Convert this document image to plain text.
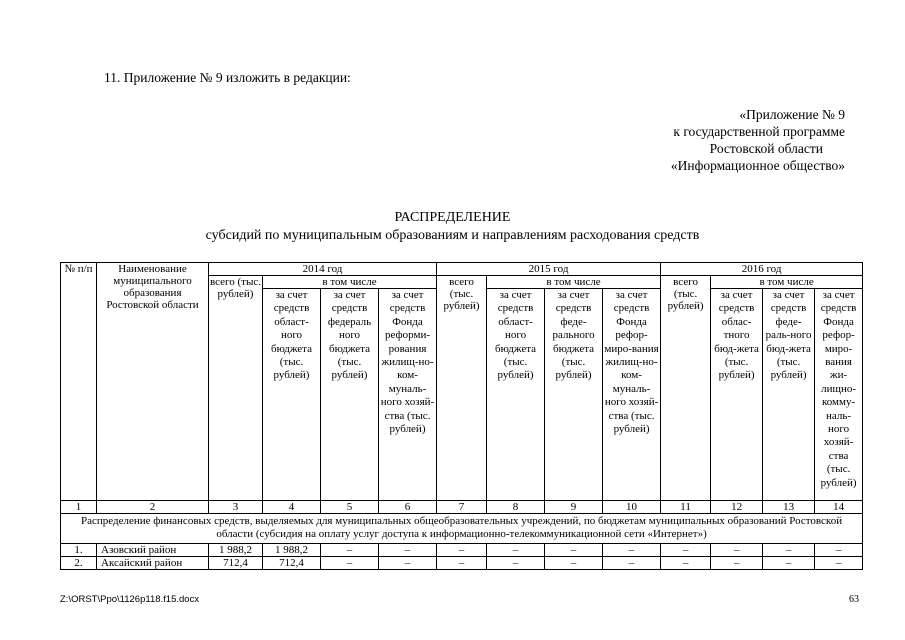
11. Приложение № 9 изложить в редакции:
«Приложение № 9
к государственной программе
Ростовской области
«Информационное общество»
РАСПРЕДЕЛЕНИЕ
субсидий по муниципальным образованиям и направлениям расходования средств
№ п/п	Наименование муниципального образования Ростовской области	2014 год				2015 год				2016 год			
		всего (тыс. рублей)	в том числе			всего (тыс. рублей)	в том числе			всего (тыс. рублей)	в том числе		
			за счет средств област-ного бюджета (тыс. рублей)	за счет средств федераль ного бюджета (тыс. рублей)	за счет средств Фонда реформи-рования жилищ-но-ком-муналь-ного хозяй-ства (тыс. рублей)		за счет средств област-ного бюджета (тыс. рублей)	за счет средств феде-рального бюджета (тыс. рублей)	за счет средств Фонда рефор-миро-вания жилищ-но-ком-муналь-ного хозяй-ства (тыс. рублей)		за счет средств облас-тного бюд-жета (тыс. рублей)	за счет средств феде-раль-ного бюд-жета (тыс. рублей)	за счет средств Фонда рефор-миро-вания жи-лищно-комму-наль-ного хозяй-ства (тыс. рублей)
1	2	3	4	5	6	7	8	9	10	11	12	13	14
Распределение финансовых средств, выделяемых для муниципальных общеобразовательных учреждений, по бюджетам муниципальных образований Ростовской области (субсидия на оплату услуг доступа к информационно-телекоммуникационной сети «Интернет»)													
1.	Азовский район	1 988,2	1 988,2	–	–	–	–	–	–	–	–	–	–
2.	Аксайский район	712,4	712,4	–	–	–	–	–	–	–	–	–	–
Z:\ORST\Ppo\1126p118.f15.docx	63
